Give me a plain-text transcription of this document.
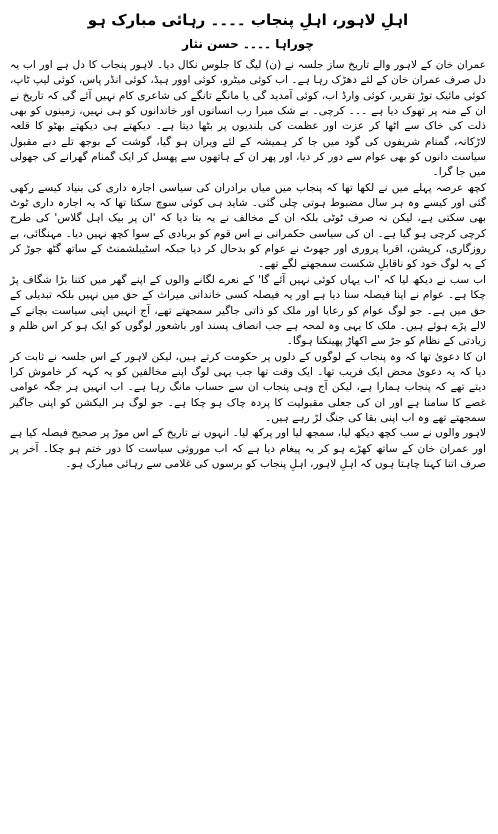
اہلِ لاہور، اہلِ پنجاب ۔۔۔۔ رہائی مبارک ہو
چوراہا ۔۔۔۔ حسن نثار

عمران خان کے لاہور والے تاریخ ساز جلسہ نے (ن) لیگ کا جلوس نکال دیا۔ لاہور پنجاب کا دل ہے اور اب یہ دل صرف عمران خان کے لئے دھڑک رہا ہے۔ اب کوئی میٹرو، کوئی اوور ہیڈ، کوئی انڈر پاس، کوئی لیپ ٹاپ، کوئی مائیک توڑ تقریر، کوئی وارڈ اب، کوئی آمدید گی یا مانگے تانگے کی شاعری کام نہیں آئے گی کہ تاریخ نے ان کے منہ پر تھوک دیا ہے ۔۔۔ کرچی۔ بے شک میرا رب انسانوں اور خاندانوں کو ہی نہیں، زمینوں کو بھی ذلت کی خاک سے اٹھا کر عزت اور عظمت کی بلندیوں پر بٹھا دیتا ہے۔ دیکھتے ہی دیکھتے بھٹو کا قلعہ لاڑکانہ، گمنام شریفوں کی گود میں جا کر ہمیشہ کے لئے ویران ہو گیا، گوشت کے بوجھ تلے دبے مقبول سیاست دانوں کو بھی عوام سے دور کر دیا، اور پھر ان کے ہاتھوں سے پھسل کر ایک گمنام گھرانے کی جھولی میں جا گرا۔

کچھ عرصہ پہلے میں نے لکھا تھا کہ پنجاب میں میاں برادران کی سیاسی اجارہ داری کی بنیاد کیسے رکھی گئی اور کیسے وہ ہر سال مضبوط ہوتی چلی گئی۔ شاید ہی کوئی سوچ سکتا تھا کہ یہ اجارہ داری ٹوٹ بھی سکتی ہے، لیکن نہ صرف ٹوٹی بلکہ ان کے مخالف نے یہ بتا دیا کہ 'ان پر بیک اہل گلاس' کی طرح کرچی کرچی ہو گیا ہے۔ ان کی سیاسی حکمرانی نے اس قوم کو بربادی کے سوا کچھ نہیں دیا۔ مہنگائی، بے روزگاری، کرپشن، اقربا پروری اور جھوٹ نے عوام کو بدحال کر دیا جبکہ اسٹیبلشمنٹ کے ساتھ گٹھ جوڑ کر کے یہ لوگ خود کو ناقابلِ شکست سمجھنے لگے تھے۔

اب سب نے دیکھ لیا کہ 'اب یہاں کوئی نہیں آئے گا' کے نعرے لگانے والوں کے اپنے گھر میں کتنا بڑا شگاف پڑ چکا ہے۔ عوام نے اپنا فیصلہ سنا دیا ہے اور یہ فیصلہ کسی خاندانی میراث کے حق میں نہیں بلکہ تبدیلی کے حق میں ہے۔ جو لوگ عوام کو رعایا اور ملک کو ذاتی جاگیر سمجھتے تھے، آج انہیں اپنی سیاست بچانے کے لالے پڑے ہوئے ہیں۔ ملک کا یہی وہ لمحہ ہے جب انصاف پسند اور باشعور لوگوں کو ایک ہو کر اس ظلم و زیادتی کے نظام کو جڑ سے اکھاڑ پھینکنا ہوگا۔

ان کا دعویٰ تھا کہ وہ پنجاب کے لوگوں کے دلوں پر حکومت کرتے ہیں، لیکن لاہور کے اس جلسہ نے ثابت کر دیا کہ یہ دعویٰ محض ایک فریب تھا۔ ایک وقت تھا جب یہی لوگ اپنے مخالفین کو یہ کہہ کر خاموش کرا دیتے تھے کہ پنجاب ہمارا ہے، لیکن آج وہی پنجاب ان سے حساب مانگ رہا ہے۔ اب انہیں ہر جگہ عوامی غصے کا سامنا ہے اور ان کی جعلی مقبولیت کا پردہ چاک ہو چکا ہے۔ جو لوگ ہر الیکشن کو اپنی جاگیر سمجھتے تھے وہ اب اپنی بقا کی جنگ لڑ رہے ہیں۔

لاہور والوں نے سب کچھ دیکھ لیا، سمجھ لیا اور پرکھ لیا۔ انہوں نے تاریخ کے اس موڑ پر صحیح فیصلہ کیا ہے اور عمران خان کے ساتھ کھڑے ہو کر یہ پیغام دیا ہے کہ اب موروثی سیاست کا دور ختم ہو چکا۔ آخر پر صرف اتنا کہنا چاہتا ہوں کہ اہلِ لاہور، اہلِ پنجاب کو برسوں کی غلامی سے رہائی مبارک ہو۔
